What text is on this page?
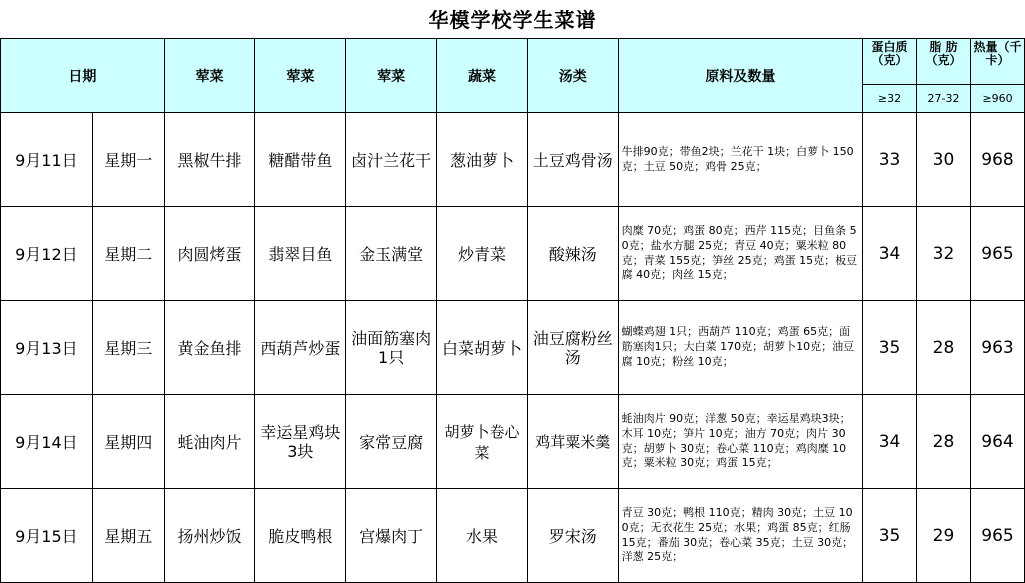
华模学校学生菜谱
日期		荤菜	荤菜	荤菜	蔬菜	汤类	原料及数量	蛋白质（克）	脂 肪（克）	热量（千卡）
								≥32	27-32	≥960
9月11日	星期一	黑椒牛排	糖醋带鱼	卤汁兰花干	葱油萝卜	土豆鸡骨汤	牛排90克；带鱼2块；兰花干 1块；白萝卜 150克；土豆 50克；鸡骨 25克；	33	30	968
9月12日	星期二	肉圆烤蛋	翡翠目鱼	金玉满堂	炒青菜	酸辣汤	肉糜 70克；鸡蛋 80克；西芹 115克；目鱼条 50克；盐水方腿 25克；青豆 40克；粟米粒 80克；青菜 155克；笋丝 25克；鸡蛋 15克；板豆腐 40克；肉丝 15克；	34	32	965
9月13日	星期三	黄金鱼排	西葫芦炒蛋	油面筋塞肉1只	白菜胡萝卜	油豆腐粉丝汤	蝴蝶鸡翅 1只；西葫芦 110克；鸡蛋 65克；面筋塞肉1只；大白菜 170克；胡萝卜10克；油豆腐 10克；粉丝 10克；	35	28	963
9月14日	星期四	蚝油肉片	幸运星鸡块3块	家常豆腐	胡萝卜卷心菜	鸡茸粟米羹	蚝油肉片 90克；洋葱 50克；幸运星鸡块3块；木耳 10克；笋片 10克；油方 70克；肉片 30克；胡萝卜 30克；卷心菜 110克；鸡肉糜 10克；粟米粒 30克；鸡蛋 15克；	34	28	964
9月15日	星期五	扬州炒饭	脆皮鸭根	宫爆肉丁	水果	罗宋汤	青豆 30克；鸭根 110克；精肉 30克；土豆 100克；无衣花生 25克；水果；鸡蛋 85克；红肠 15克；番茄 30克；卷心菜 35克；土豆 30克；洋葱 25克；	35	29	965
